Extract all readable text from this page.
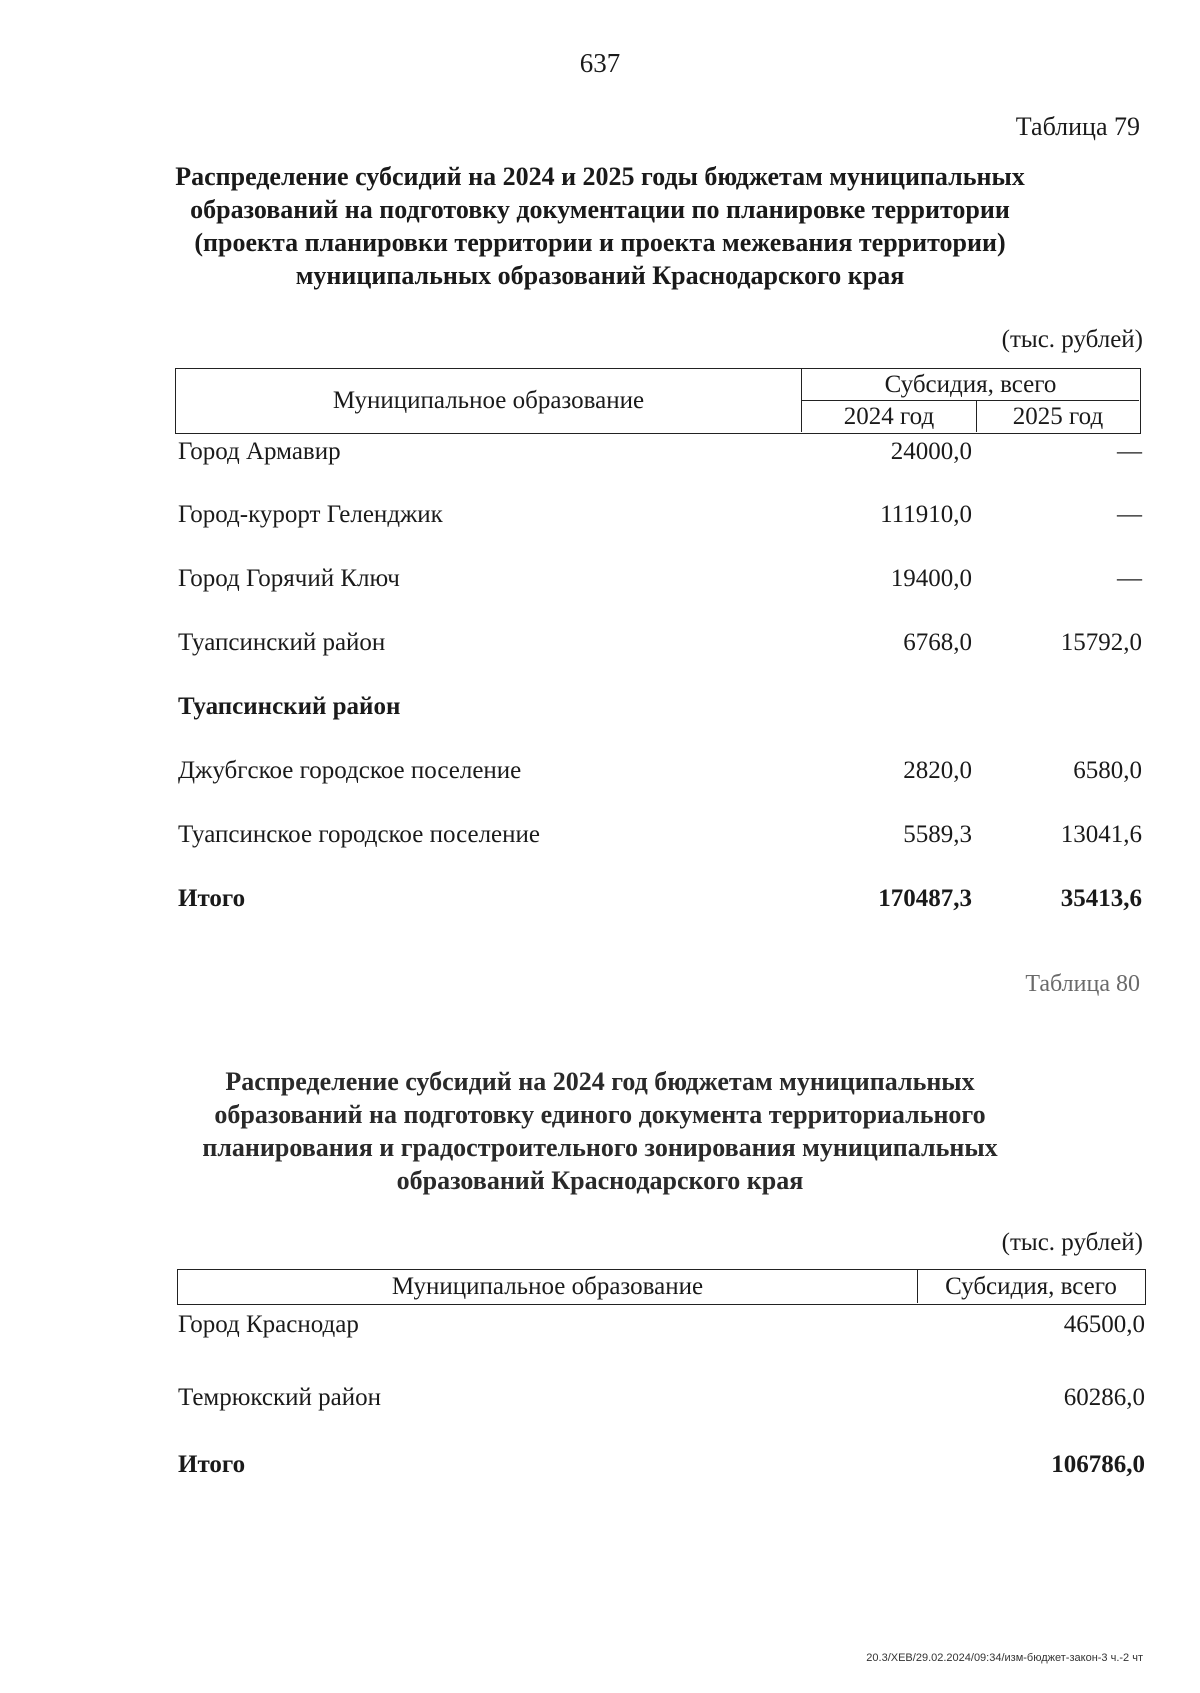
637
Таблица 79
Распределение субсидий на 2024 и 2025 годы бюджетам муниципальных
образований на подготовку документации по планировке территории
(проекта планировки территории и проекта межевания территории)
муниципальных образований Краснодарского края
(тыс. рублей)
Муниципальное образование
Субсидия, всего
2024 год	2025 год
Город Армавир	24000,0	—
Город-курорт Геленджик	111910,0	—
Город Горячий Ключ	19400,0	—
Туапсинский район	6768,0	15792,0
Туапсинский район
Джубгское городское поселение	2820,0	6580,0
Туапсинское городское поселение	5589,3	13041,6
Итого	170487,3	35413,6
Таблица 80
Распределение субсидий на 2024 год бюджетам муниципальных
образований на подготовку единого документа территориального
планирования и градостроительного зонирования муниципальных
образований Краснодарского края
(тыс. рублей)
Муниципальное образование	Субсидия, всего
Город Краснодар	46500,0
Темрюкский район	60286,0
Итого	106786,0
20.3/ХЕВ/29.02.2024/09:34/изм-бюджет-закон-3 ч.-2 чт
